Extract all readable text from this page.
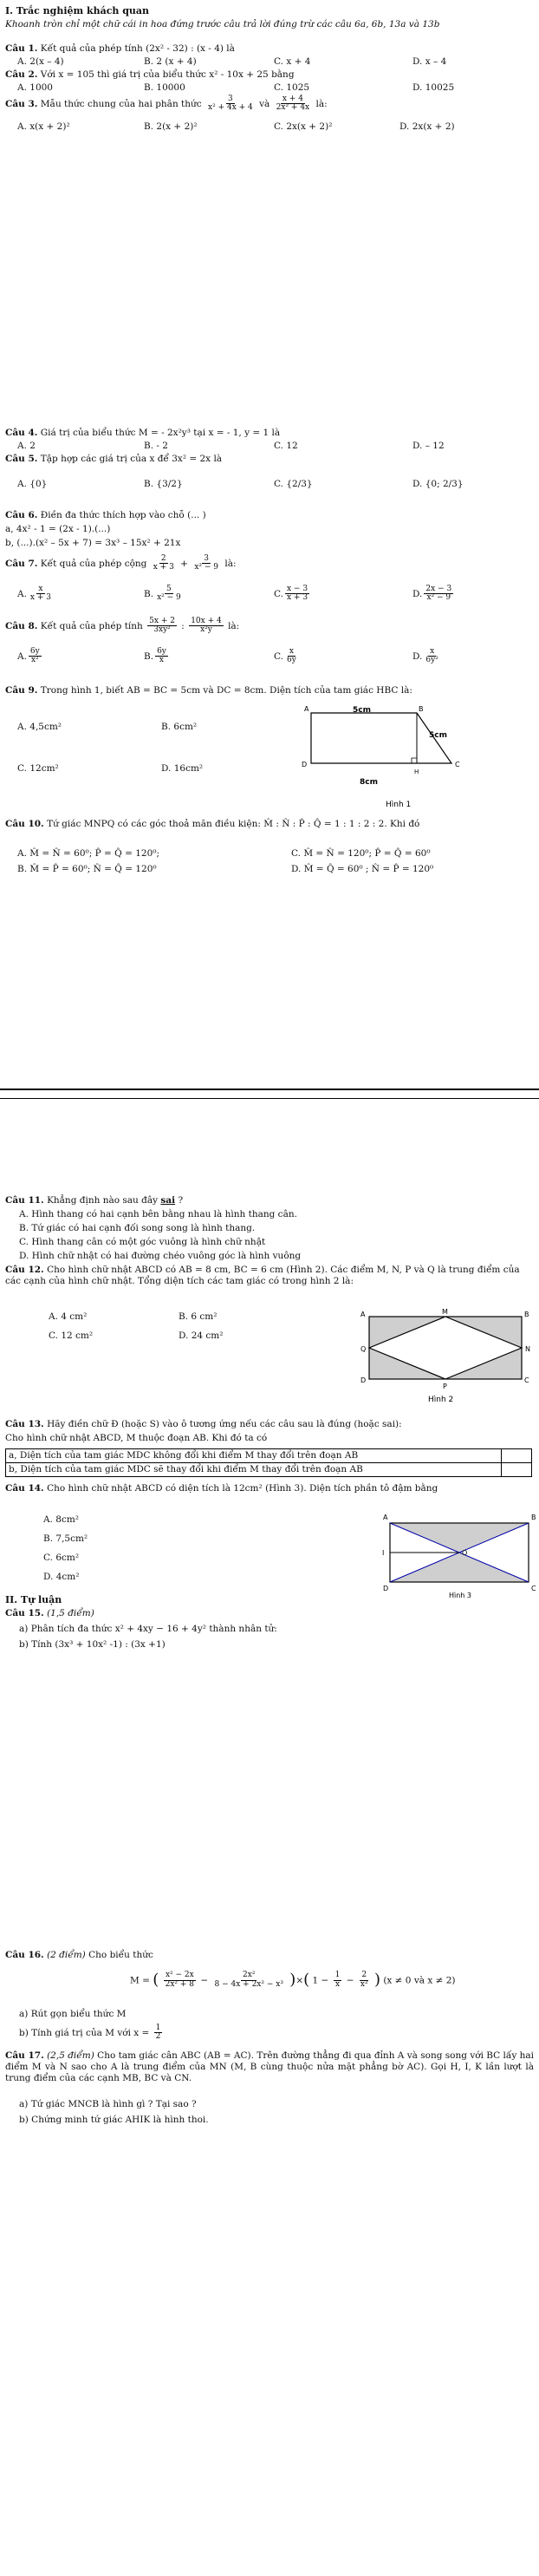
I. Trắc nghiệm khách quan
Khoanh tròn chỉ một chữ cái in hoa đứng trước câu trả lời đúng trừ các câu 6a, 6b, 13a và 13b
Câu 1. Kết quả của phép tính (2x² - 32) : (x - 4) là
A. 2(x – 4)	B. 2 (x + 4)	C. x + 4	D. x – 4
Câu 2. Với x = 105 thì giá trị của biểu thức x² - 10x + 25 bằng
A. 1000	B. 10000	C. 1025	D. 10025
Câu 3. Mẫu thức chung của hai phân thức $\frac{3}{\text{x² + 4x + 4}}$ và $\frac{x + 4}{\text{2x² + 4x}}$ là:
A. x(x + 2)²	B. 2(x + 2)²	C. 2x(x + 2)²	D. 2x(x + 2)
Câu 4. Giá trị của biểu thức M = - 2x²y³ tại x = - 1, y = 1 là
A. 2	B. - 2	C. 12	D. – 12
Câu 5. Tập hợp các giá trị của x để 3x² = 2x là
A. {0}	B. {3/2}	C. {2/3}	D. {0; 2/3}
Câu 6. Điền đa thức thích hợp vào chỗ (... )
a, 4x² - 1 = (2x - 1).(...)
b, (...).(x² – 5x + 7) = 3x³ – 15x² + 21x
Câu 7. Kết quả của phép cộng $\frac{2}{x + 3} + \frac{3}{\text{x² − 9}}$ là:
A. $\frac{x}{x + 3}$	B. $\frac{5}{\text{x² − 9}}$	C. $\frac{x - 3}{x + 3}$	D. $\frac{2x - 3}{\text{x² − 9}}$
Câu 8. Kết quả của phép tính $\frac{5x + 2}{\text{3xy²}}$ : $\frac{10x + 4}{\text{x²y}}$ là:
A. $\frac{6y}{\text{x²}}$	B. $\frac{6y}{x}$	C. $\frac{x}{6y}$	D. $\frac{x}{\text{6y²}}$
Câu 9. Trong hình 1, biết AB = BC = 5cm và DC = 8cm. Diện tích của tam giác HBC là:
A. 4,5cm²	B. 6cm²
C. 12cm²	D. 16cm²
A	B
C
D
H
5cm
5cm
8cm
Hình 1
Câu 10. Tứ giác MNPQ có các góc thoả mãn điều kiện: M̂ : N̂ : P̂ : Q̂ = 1 : 1 : 2 : 2. Khi đó
A. M̂ = N̂ = 60⁰; P̂ = Q̂ = 120⁰;	C. M̂ = N̂ = 120⁰; P̂ = Q̂ = 60⁰
B. M̂ = P̂ = 60⁰; N̂ = Q̂ = 120⁰	D. M̂ = Q̂ = 60⁰ ; N̂ = P̂ = 120⁰
Câu 11. Khẳng định nào sau đây sai ?
A. Hình thang có hai cạnh bên bằng nhau là hình thang cân.
B. Tứ giác có hai cạnh đối song song là hình thang.
C. Hình thang cân có một góc vuông là hình chữ nhật
D. Hình chữ nhật có hai đường chéo vuông góc là hình vuông
Câu 12. Cho hình chữ nhật ABCD có AB = 8 cm, BC = 6 cm (Hình 2). Các điểm M, N, P và Q là trung điểm của các cạnh của hình chữ nhật. Tổng diện tích các tam giác có trong hình 2 là:
A. 4 cm²	B. 6 cm²
C. 12 cm²	D. 24 cm²
A	M	B
Q	N
D
P
C
Hình 2
Câu 13. Hãy điền chữ Đ (hoặc S) vào ô tương ứng nếu các câu sau là đúng (hoặc sai):
Cho hình chữ nhật ABCD, M thuộc đoạn AB. Khi đó ta có
a, Diện tích của tam giác MDC không đổi khi điểm M thay đổi trên đoạn AB	
b, Diện tích của tam giác MDC sẽ thay đổi khi điểm M thay đổi trên đoạn AB	
Câu 14. Cho hình chữ nhật ABCD có diện tích là 12cm² (Hình 3). Diện tích phần tô đậm bằng
A. 8cm²
B. 7,5cm²
C. 6cm²
D. 4cm²
A	B
I	O
D	C
Hình 3
II. Tự luận
Câu 15. (1,5 điểm)
a) Phân tích đa thức x² + 4xy − 16 + 4y² thành nhân tử:
b) Tính (3x³ + 10x² -1) : (3x +1)
Câu 16. (2 điểm) Cho biểu thức
M = ( $\frac{\text{x² − 2x}}{\text{2x² + 8}} - \frac{\text{2x²}}{\text{8 − 4x + 2x² − x³}}$ )×( $1 - \frac{1}{x} - \frac{2}{\text{x²}}$ ) (x ≠ 0 và x ≠ 2)
a) Rút gọn biểu thức M
b) Tính giá trị của M với $x = \frac{1}{2}$
Câu 17. (2,5 điểm) Cho tam giác cân ABC (AB = AC). Trên đường thẳng đi qua đỉnh A và song song với BC lấy hai điểm M và N sao cho A là trung điểm của MN (M, B cùng thuộc nửa mặt phẳng bờ AC). Gọi H, I, K lần lượt là trung điểm của các cạnh MB, BC và CN.
a) Tứ giác MNCB là hình gì ? Tại sao ?
b) Chứng minh tứ giác AHIK là hình thoi.
